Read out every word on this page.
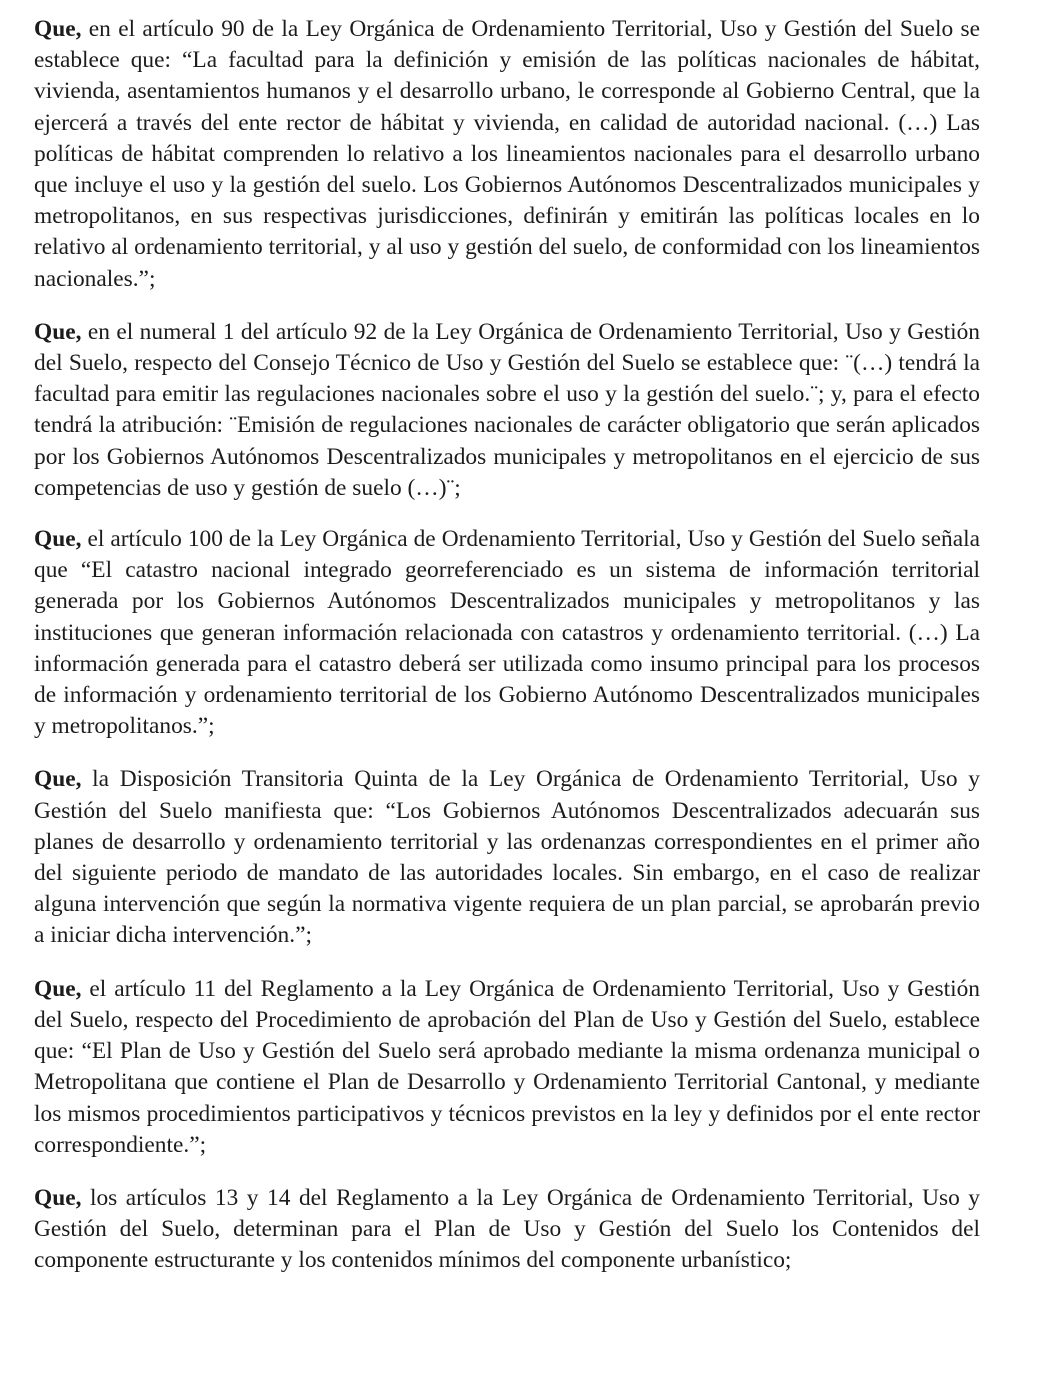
Que, en el artículo 90 de la Ley Orgánica de Ordenamiento Territorial, Uso y Gestión del Suelo se establece que: “La facultad para la definición y emisión de las políticas nacionales de hábitat, vivienda, asentamientos humanos y el desarrollo urbano, le corresponde al Gobierno Central, que la ejercerá a través del ente rector de hábitat y vivienda, en calidad de autoridad nacional. (…) Las políticas de hábitat comprenden lo relativo a los lineamientos nacionales para el desarrollo urbano que incluye el uso y la gestión del suelo. Los Gobiernos Autónomos Descentralizados municipales y metropolitanos, en sus respectivas jurisdicciones, definirán y emitirán las políticas locales en lo relativo al ordenamiento territorial, y al uso y gestión del suelo, de conformidad con los lineamientos nacionales.”;

Que, en el numeral 1 del artículo 92 de la Ley Orgánica de Ordenamiento Territorial, Uso y Gestión del Suelo, respecto del Consejo Técnico de Uso y Gestión del Suelo se establece que: ¨(…) tendrá la facultad para emitir las regulaciones nacionales sobre el uso y la gestión del suelo.¨; y, para el efecto tendrá la atribución: ¨Emisión de regulaciones nacionales de carácter obligatorio que serán aplicados por los Gobiernos Autónomos Descentralizados municipales y metropolitanos en el ejercicio de sus competencias de uso y gestión de suelo (…)¨;

Que, el artículo 100 de la Ley Orgánica de Ordenamiento Territorial, Uso y Gestión del Suelo señala que “El catastro nacional integrado georreferenciado es un sistema de información territorial generada por los Gobiernos Autónomos Descentralizados municipales y metropolitanos y las instituciones que generan información relacionada con catastros y ordenamiento territorial. (…) La información generada para el catastro deberá ser utilizada como insumo principal para los procesos de información y ordenamiento territorial de los Gobierno Autónomo Descentralizados municipales y metropolitanos.”;

Que, la Disposición Transitoria Quinta de la Ley Orgánica de Ordenamiento Territorial, Uso y Gestión del Suelo manifiesta que: “Los Gobiernos Autónomos Descentralizados adecuarán sus planes de desarrollo y ordenamiento territorial y las ordenanzas correspondientes en el primer año del siguiente periodo de mandato de las autoridades locales. Sin embargo, en el caso de realizar alguna intervención que según la normativa vigente requiera de un plan parcial, se aprobarán previo a iniciar dicha intervención.”;

Que, el artículo 11 del Reglamento a la Ley Orgánica de Ordenamiento Territorial, Uso y Gestión del Suelo, respecto del Procedimiento de aprobación del Plan de Uso y Gestión del Suelo, establece que: “El Plan de Uso y Gestión del Suelo será aprobado mediante la misma ordenanza municipal o Metropolitana que contiene el Plan de Desarrollo y Ordenamiento Territorial Cantonal, y mediante los mismos procedimientos participativos y técnicos previstos en la ley y definidos por el ente rector correspondiente.”;

Que, los artículos 13 y 14 del Reglamento a la Ley Orgánica de Ordenamiento Territorial, Uso y Gestión del Suelo, determinan para el Plan de Uso y Gestión del Suelo los Contenidos del componente estructurante y los contenidos mínimos del componente urbanístico;
